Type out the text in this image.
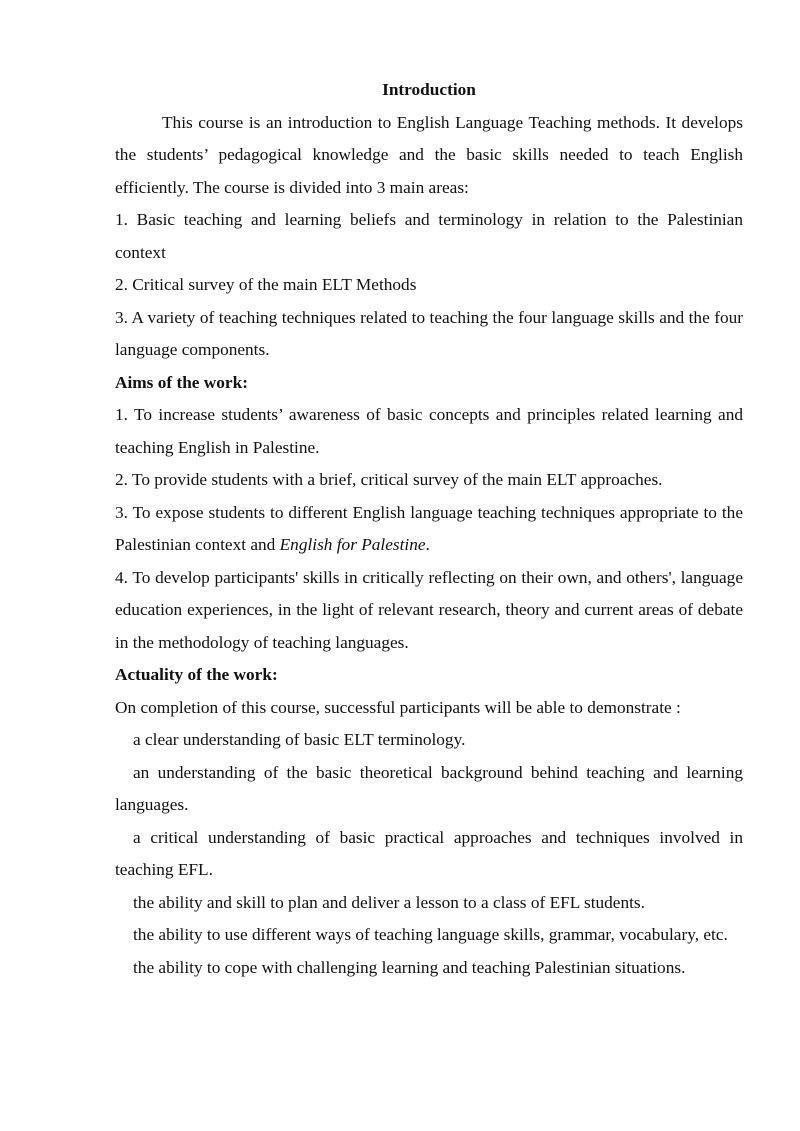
Introduction

This course is an introduction to English Language Teaching methods. It develops the students’ pedagogical knowledge and the basic skills needed to teach English efficiently. The course is divided into 3 main areas:

1. Basic teaching and learning beliefs and terminology in relation to the Palestinian context

2. Critical survey of the main ELT Methods

3. A variety of teaching techniques related to teaching the four language skills and the four language components.

Aims of the work:

1. To increase students’ awareness of basic concepts and principles related learning and teaching English in Palestine.

2. To provide students with a brief, critical survey of the main ELT approaches.

3. To expose students to different English language teaching techniques appropriate to the Palestinian context and English for Palestine.

4. To develop participants' skills in critically reflecting on their own, and others', language education experiences, in the light of relevant research, theory and current areas of debate in the methodology of teaching languages.

Actuality of the work:

On completion of this course, successful participants will be able to demonstrate :

a clear understanding of basic ELT terminology.

an understanding of the basic theoretical background behind teaching and learning languages.

a critical understanding of basic practical approaches and techniques involved in teaching EFL.

the ability and skill to plan and deliver a lesson to a class of EFL students.

the ability to use different ways of teaching language skills, grammar, vocabulary, etc.

the ability to cope with challenging learning and teaching Palestinian situations.
